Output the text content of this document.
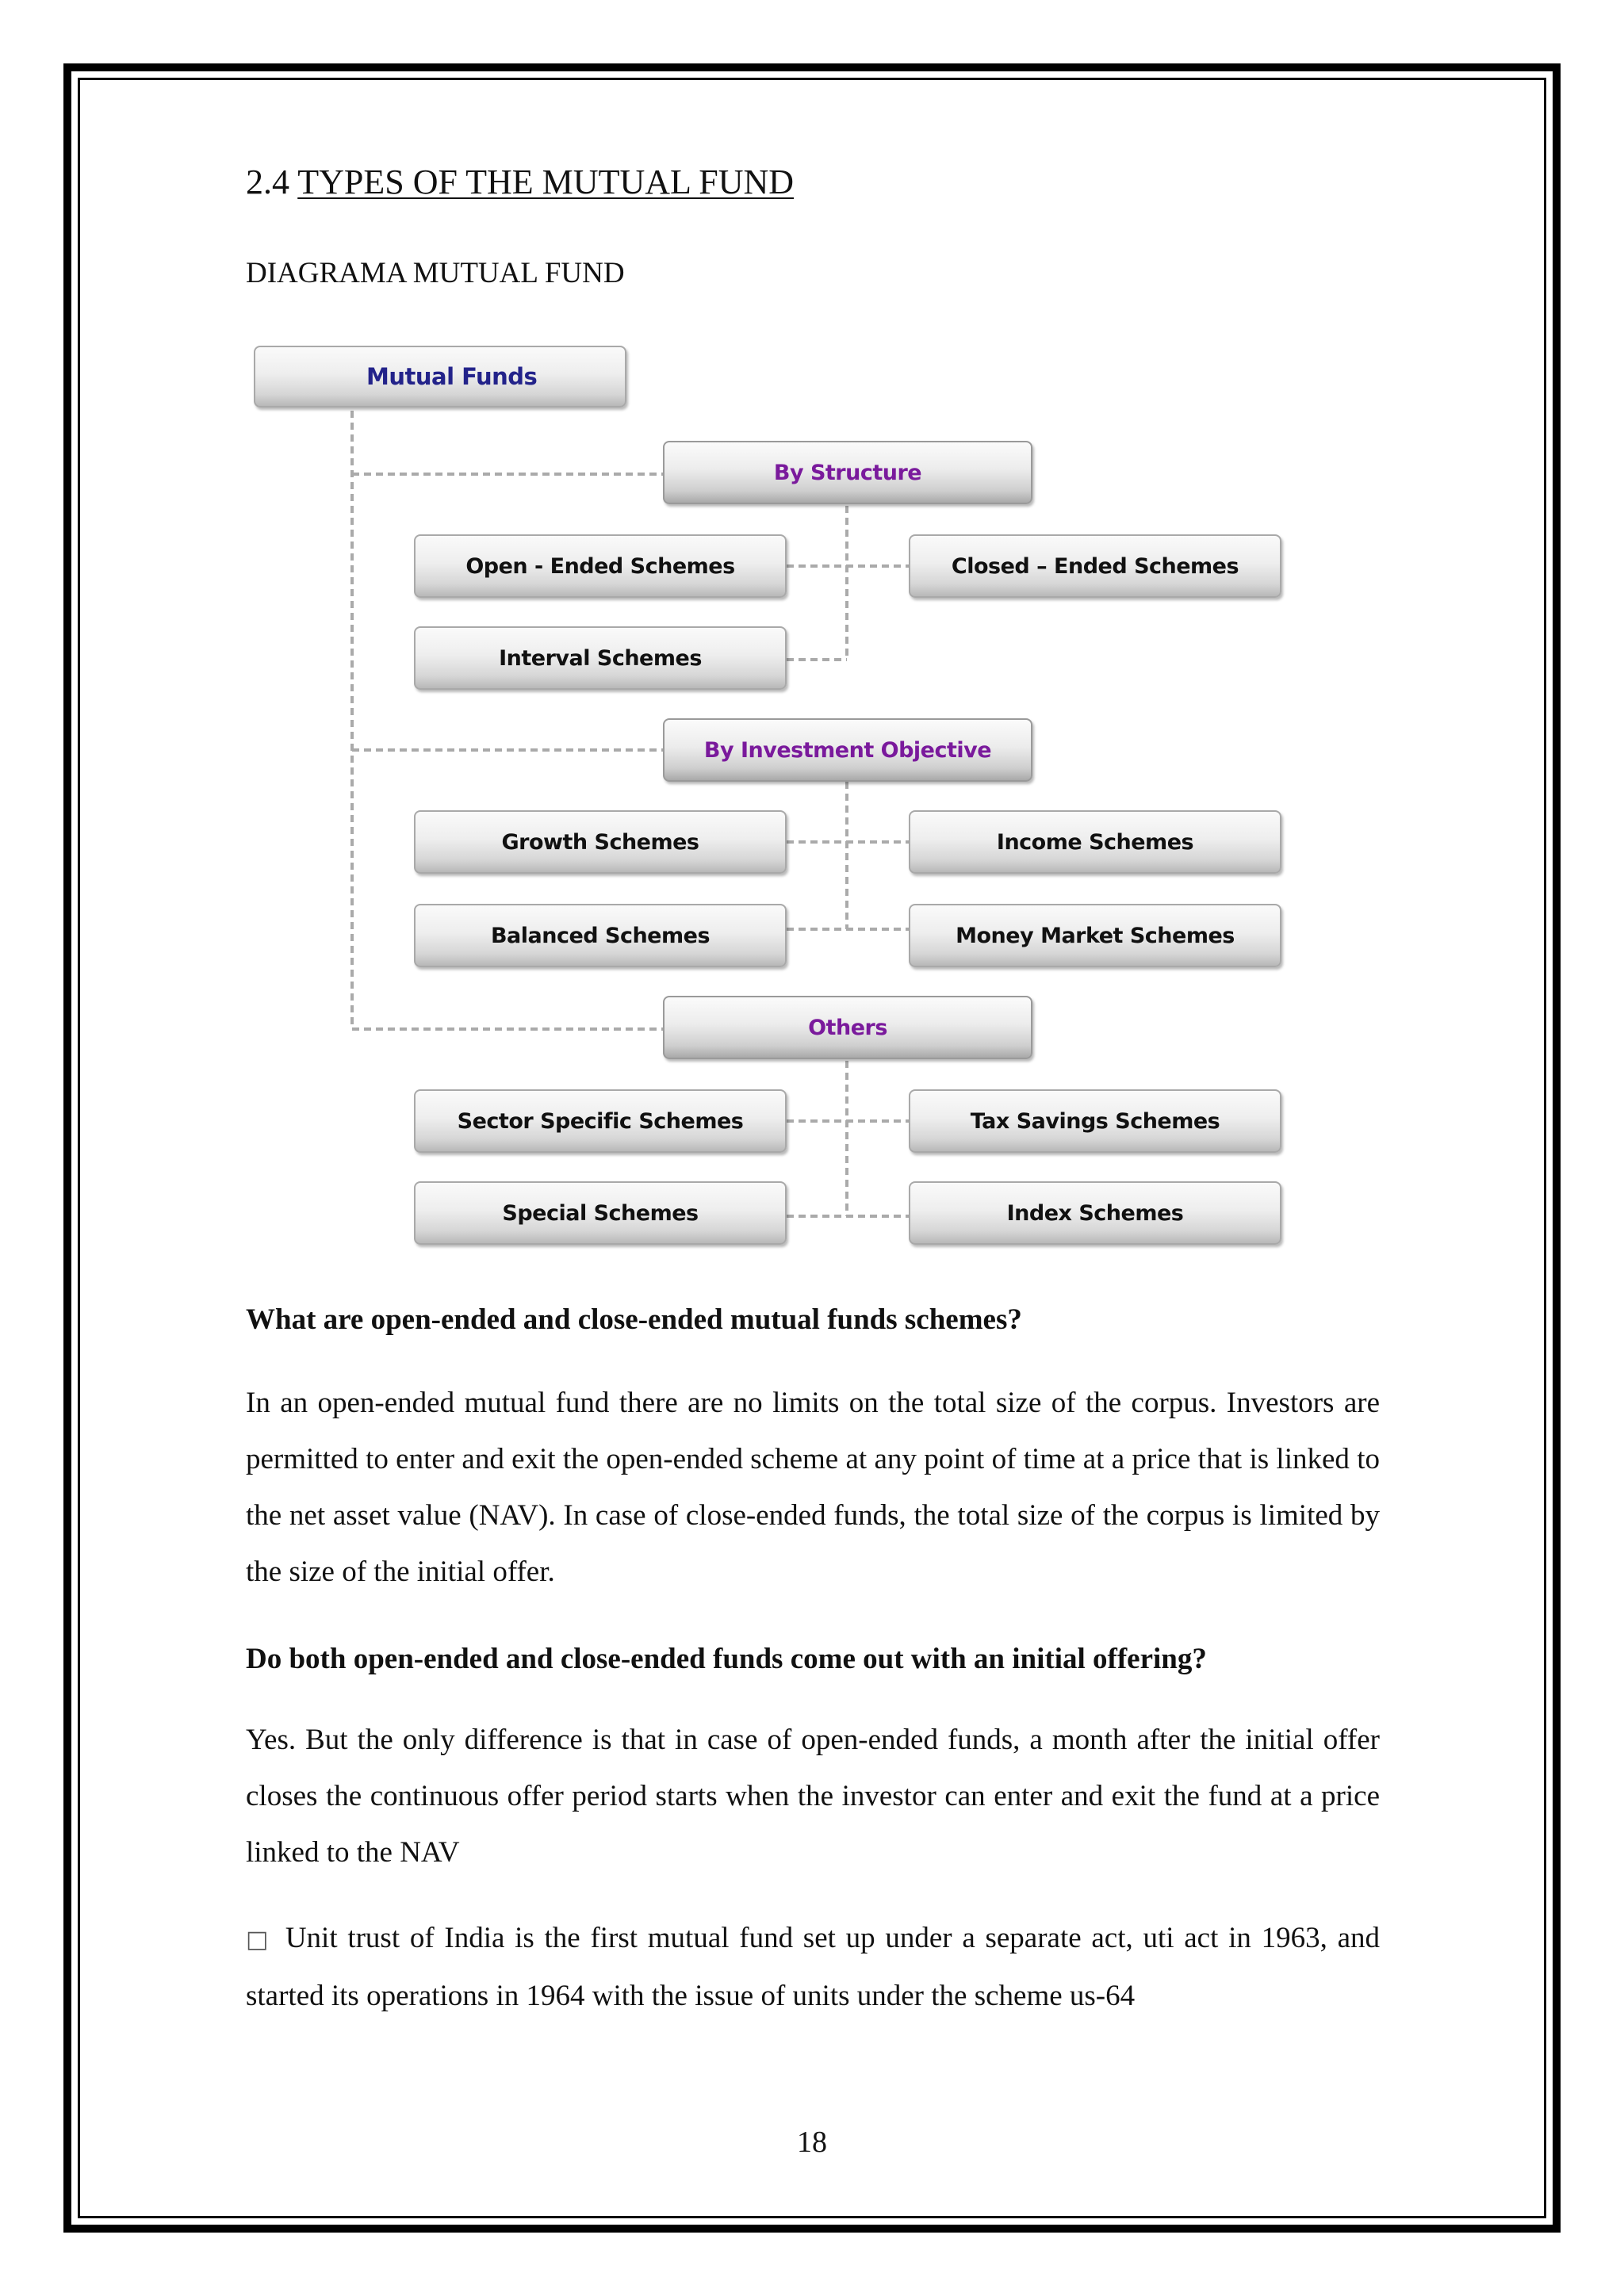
2.4 TYPES OF THE MUTUAL FUND
DIAGRAMA MUTUAL FUND
Mutual Funds
By Structure
Open - Ended Schemes	Closed – Ended Schemes
Interval Schemes
By Investment Objective
Growth Schemes	Income Schemes
Balanced Schemes	Money Market Schemes
Others
Sector Specific Schemes	Tax Savings Schemes
Special Schemes	Index Schemes
What are open-ended and close-ended mutual funds schemes?

In an open-ended mutual fund there are no limits on the total size of the corpus. Investors are permitted to enter and exit the open-ended scheme at any point of time at a price that is linked to the net asset value (NAV). In case of close-ended funds, the total size of the corpus is limited by the size of the initial offer.

Do both open-ended and close-ended funds come out with an initial offering?

Yes. But the only difference is that in case of open-ended funds, a month after the initial offer closes the continuous offer period starts when the investor can enter and exit the fund at a price linked to the NAV

□ Unit trust of India is the first mutual fund set up under a separate act, uti act in 1963, and started its operations in 1964 with the issue of units under the scheme us-64

18
